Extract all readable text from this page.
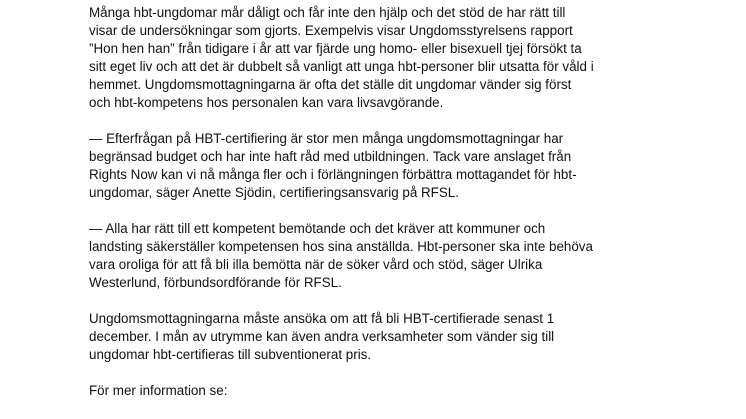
Många hbt-ungdomar mår dåligt och får inte den hjälp och det stöd de har rätt till
visar de undersökningar som gjorts. Exempelvis visar Ungdomsstyrelsens rapport
”Hon hen han” från tidigare i år att var fjärde ung homo- eller bisexuell tjej försökt ta
sitt eget liv och att det är dubbelt så vanligt att unga hbt-personer blir utsatta för våld i
hemmet. Ungdomsmottagningarna är ofta det ställe dit ungdomar vänder sig först
och hbt-kompetens hos personalen kan vara livsavgörande.

— Efterfrågan på HBT-certifiering är stor men många ungdomsmottagningar har
begränsad budget och har inte haft råd med utbildningen. Tack vare anslaget från
Rights Now kan vi nå många fler och i förlängningen förbättra mottagandet för hbt-
ungdomar, säger Anette Sjödin, certifieringsansvarig på RFSL.

— Alla har rätt till ett kompetent bemötande och det kräver att kommuner och
landsting säkerställer kompetensen hos sina anställda. Hbt-personer ska inte behöva
vara oroliga för att få bli illa bemötta när de söker vård och stöd, säger Ulrika
Westerlund, förbundsordförande för RFSL.

Ungdomsmottagningarna måste ansöka om att få bli HBT-certifierade senast 1
december. I mån av utrymme kan även andra verksamheter som vänder sig till
ungdomar hbt-certifieras till subventionerat pris.

För mer information se:
